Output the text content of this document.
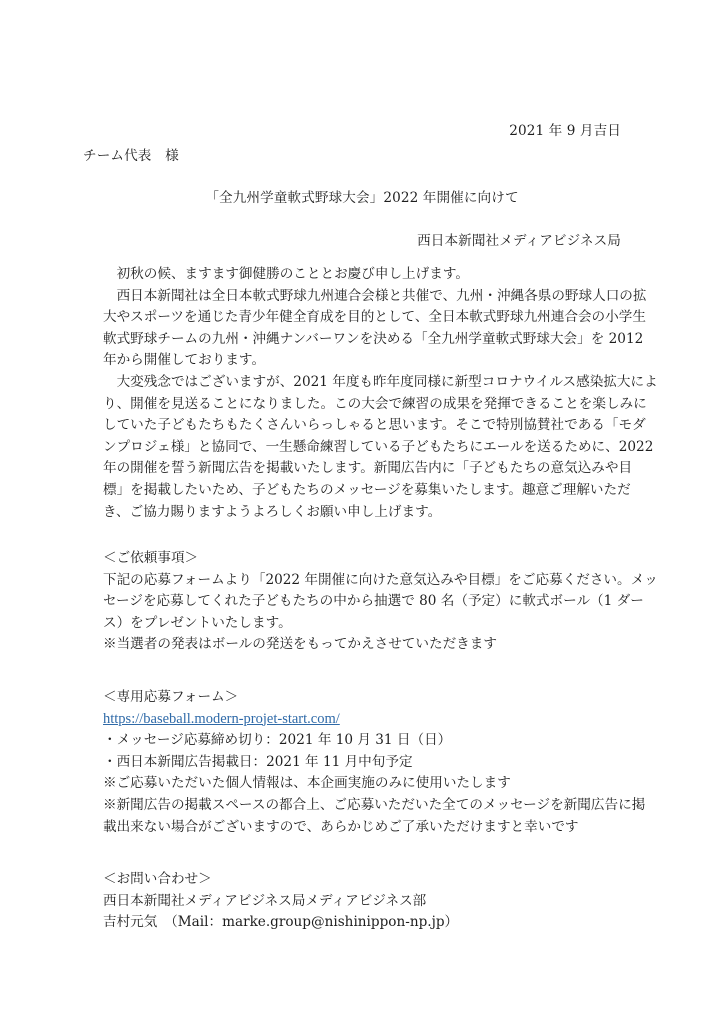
2021 年 9 月吉日
チーム代表　様
「全九州学童軟式野球大会」2022 年開催に向けて
西日本新聞社メディアビジネス局

　初秋の候、ますます御健勝のこととお慶び申し上げます。

　西日本新聞社は全日本軟式野球九州連合会様と共催で、九州・沖縄各県の野球人口の拡

大やスポーツを通じた青少年健全育成を目的として、全日本軟式野球九州連合会の小学生

軟式野球チームの九州・沖縄ナンバーワンを決める「全九州学童軟式野球大会」を 2012

年から開催しております。

　大変残念ではございますが、2021 年度も昨年度同様に新型コロナウイルス感染拡大によ

り、開催を見送ることになりました。この大会で練習の成果を発揮できることを楽しみに

していた子どもたちもたくさんいらっしゃると思います。そこで特別協賛社である「モダ

ンプロジェ様」と協同で、一生懸命練習している子どもたちにエールを送るために、2022

年の開催を誓う新聞広告を掲載いたします。新聞広告内に「子どもたちの意気込みや目

標」を掲載したいため、子どもたちのメッセージを募集いたします。趣意ご理解いただ

き、ご協力賜りますようよろしくお願い申し上げます。

＜ご依頼事項＞

下記の応募フォームより「2022 年開催に向けた意気込みや目標」をご応募ください。メッ

セージを応募してくれた子どもたちの中から抽選で 80 名（予定）に軟式ボール（1 ダー

ス）をプレゼントいたします。

※当選者の発表はボールの発送をもってかえさせていただきます

＜専用応募フォーム＞

https://baseball.modern-projet-start.com/

・メッセージ応募締め切り：2021 年 10 月 31 日（日）

・西日本新聞広告掲載日：2021 年 11 月中旬予定

※ご応募いただいた個人情報は、本企画実施のみに使用いたします

※新聞広告の掲載スペースの都合上、ご応募いただいた全てのメッセージを新聞広告に掲

載出来ない場合がございますので、あらかじめご了承いただけますと幸いです

＜お問い合わせ＞

西日本新聞社メディアビジネス局メディアビジネス部

吉村元気　（Mail：marke.group@nishinippon-np.jp）
